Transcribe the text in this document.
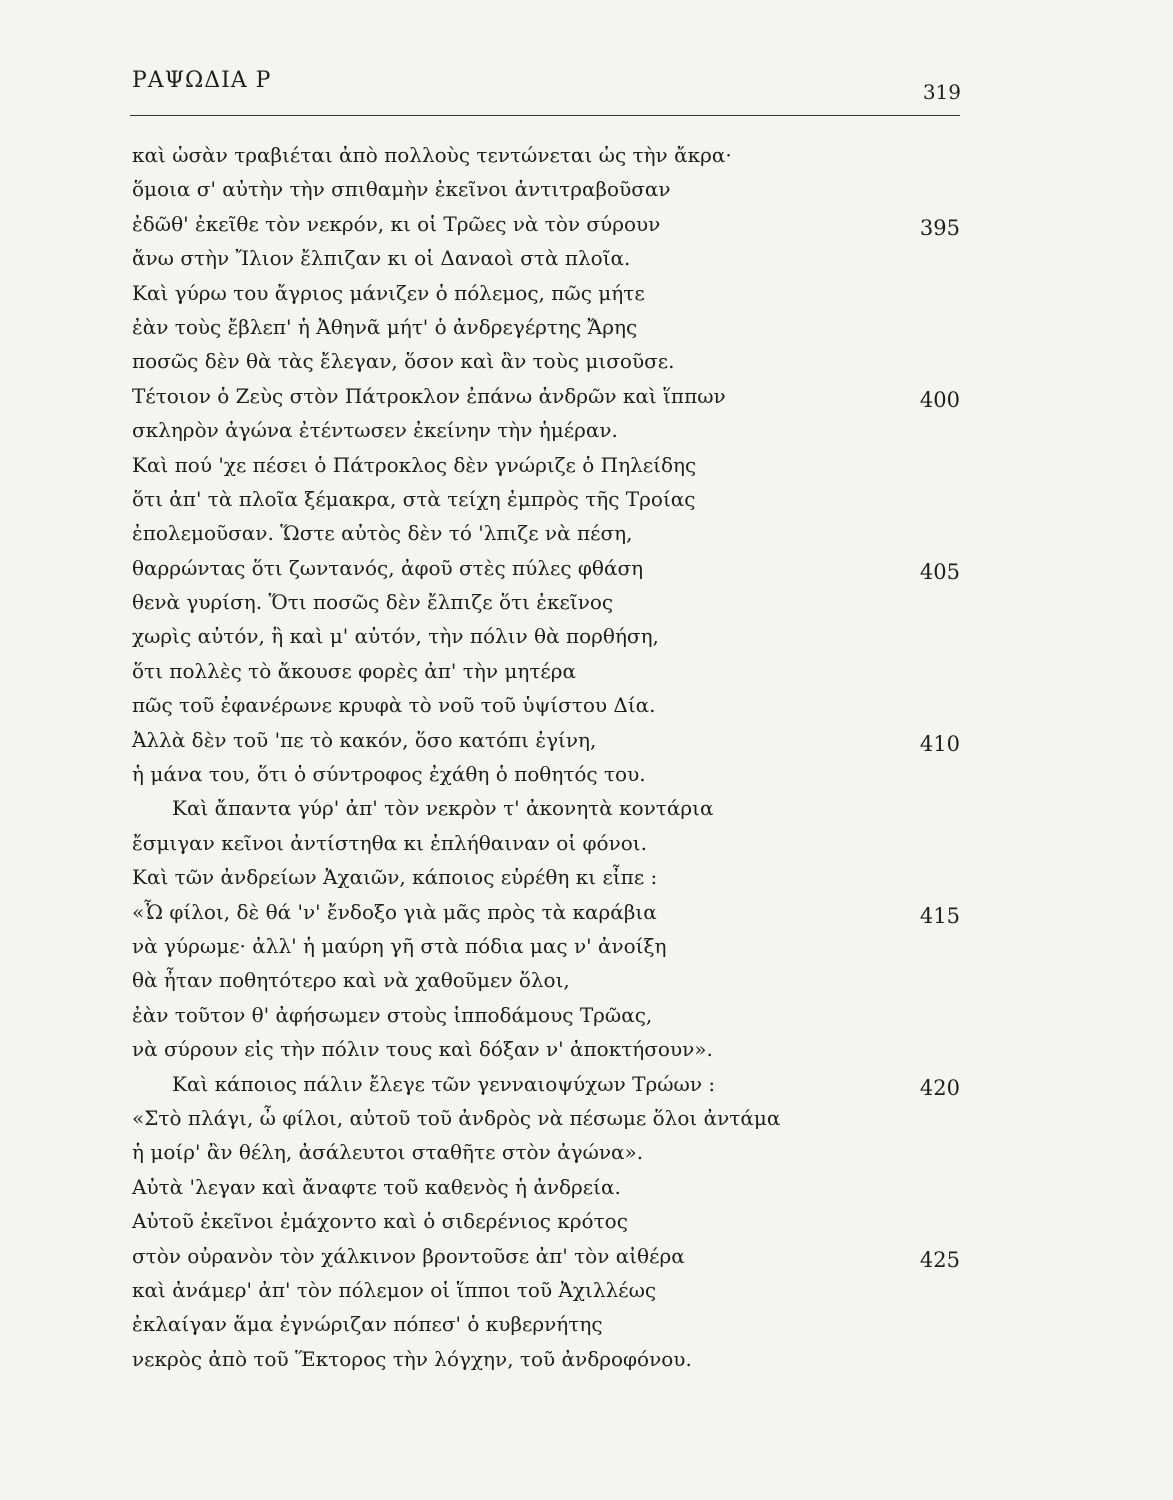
ΡΑΨΩΔΙΑ Ρ	319
καὶ ὡσὰν τραβιέται ἀπὸ πολλοὺς τεντώνεται ὡς τὴν ἄκρα·
ὅμοια σ' αὐτὴν τὴν σπιθαμὴν ἐκεῖνοι ἀντιτραβοῦσαν
ἐδῶθ' ἐκεῖθε τὸν νεκρόν, κι οἱ Τρῶες νὰ τὸν σύρουν	395
ἄνω στὴν Ἴλιον ἔλπιζαν κι οἱ Δαναοὶ στὰ πλοῖα.
Καὶ γύρω του ἄγριος μάνιζεν ὁ πόλεμος, πῶς μήτε
ἐὰν τοὺς ἔβλεπ' ἡ Ἀθηνᾶ μήτ' ὁ ἀνδρεγέρτης Ἄρης
ποσῶς δὲν θὰ τὰς ἔλεγαν, ὅσον καὶ ἂν τοὺς μισοῦσε.
Τέτοιον ὁ Ζεὺς στὸν Πάτροκλον ἐπάνω ἀνδρῶν καὶ ἵππων	400
σκληρὸν ἀγώνα ἐτέντωσεν ἐκείνην τὴν ἡμέραν.
Καὶ πού 'χε πέσει ὁ Πάτροκλος δὲν γνώριζε ὁ Πηλείδης
ὅτι ἀπ' τὰ πλοῖα ξέμακρα, στὰ τείχη ἐμπρὸς τῆς Τροίας
ἐπολεμοῦσαν. Ὥστε αὐτὸς δὲν τό 'λπιζε νὰ πέση,
θαρρώντας ὅτι ζωντανός, ἀφοῦ στὲς πύλες φθάση	405
θενὰ γυρίση. Ὅτι ποσῶς δὲν ἔλπιζε ὅτι ἐκεῖνος
χωρὶς αὐτόν, ἢ καὶ μ' αὐτόν, τὴν πόλιν θὰ πορθήση,
ὅτι πολλὲς τὸ ἄκουσε φορὲς ἀπ' τὴν μητέρα
πῶς τοῦ ἐφανέρωνε κρυφὰ τὸ νοῦ τοῦ ὑψίστου Δία.
Ἀλλὰ δὲν τοῦ 'πε τὸ κακόν, ὅσο κατόπι ἐγίνη,	410
ἡ μάνα του, ὅτι ὁ σύντροφος ἐχάθη ὁ ποθητός του.
Καὶ ἄπαντα γύρ' ἀπ' τὸν νεκρὸν τ' ἀκονητὰ κοντάρια
ἔσμιγαν κεῖνοι ἀντίστηθα κι ἐπλήθαιναν οἱ φόνοι.
Καὶ τῶν ἀνδρείων Ἀχαιῶν, κάποιος εὑρέθη κι εἶπε :
«Ὦ φίλοι, δὲ θά 'ν' ἔνδοξο γιὰ μᾶς πρὸς τὰ καράβια	415
νὰ γύρωμε· ἀλλ' ἡ μαύρη γῆ στὰ πόδια μας ν' ἀνοίξη
θὰ ἦταν ποθητότερο καὶ νὰ χαθοῦμεν ὅλοι,
ἐὰν τοῦτον θ' ἀφήσωμεν στοὺς ἱπποδάμους Τρῶας,
νὰ σύρουν εἰς τὴν πόλιν τους καὶ δόξαν ν' ἀποκτήσουν».
Καὶ κάποιος πάλιν ἔλεγε τῶν γενναιοψύχων Τρώων :	420
«Στὸ πλάγι, ὦ φίλοι, αὐτοῦ τοῦ ἀνδρὸς νὰ πέσωμε ὅλοι ἀντάμα
ἡ μοίρ' ἂν θέλη, ἀσάλευτοι σταθῆτε στὸν ἀγώνα».
Αὐτὰ 'λεγαν καὶ ἄναφτε τοῦ καθενὸς ἡ ἀνδρεία.
Αὐτοῦ ἐκεῖνοι ἐμάχοντο καὶ ὁ σιδερένιος κρότος
στὸν οὐρανὸν τὸν χάλκινον βροντοῦσε ἀπ' τὸν αἰθέρα	425
καὶ ἀνάμερ' ἀπ' τὸν πόλεμον οἱ ἵπποι τοῦ Ἀχιλλέως
ἐκλαίγαν ἅμα ἐγνώριζαν πόπεσ' ὁ κυβερνήτης
νεκρὸς ἀπὸ τοῦ Ἕκτορος τὴν λόγχην, τοῦ ἀνδροφόνου.
